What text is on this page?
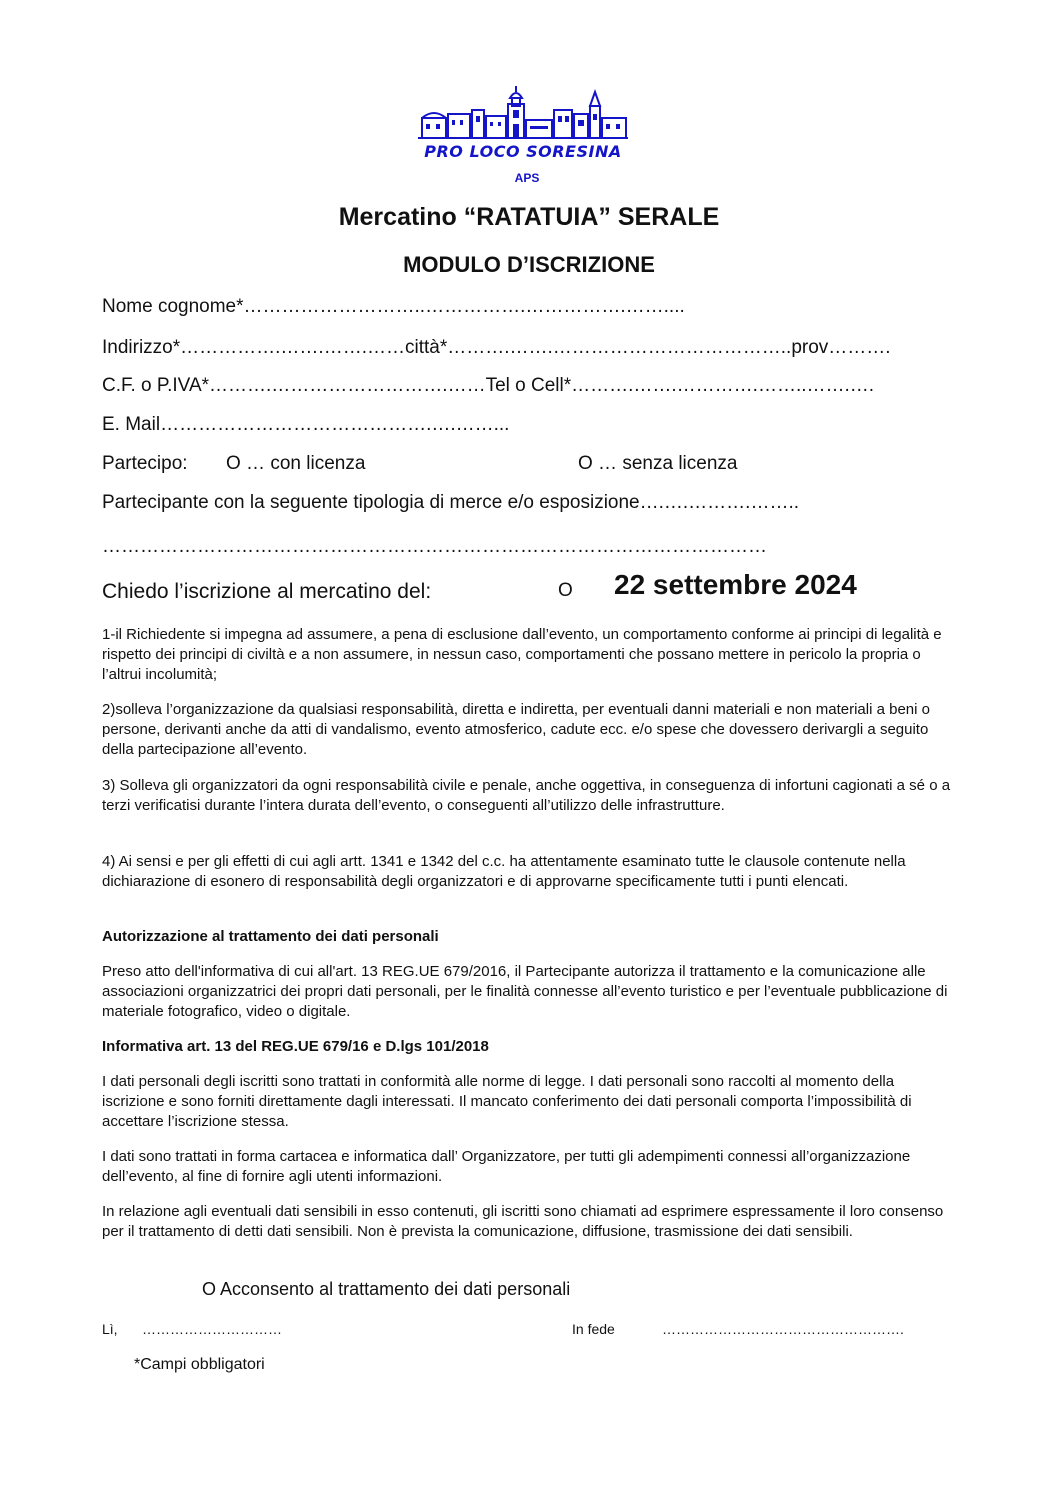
PRO LOCO SORESINA
APS
Mercatino “RATATUIA” SERALE
MODULO D’ISCRIZIONE
Nome cognome*………………………..…………….…………….……....
Indirizzo*…………….…….…….……città*……….…….………………………………..prov……….
C.F. o P.IVA*……….……………………….……Tel o Cell*……….…….………….……..…….….
E. Mail…………………………………….….……...
Partecipo: O … con licenza	O … senza licenza
Partecipante con la seguente tipologia di merce e/o esposizione….….……….……..
……………………………………………………………………………………………
Chiedo l’iscrizione al mercatino del:	O 22 settembre 2024
1-il Richiedente si impegna ad assumere, a pena di esclusione dall’evento, un comportamento conforme ai principi di legalità e rispetto dei principi di civiltà e a non assumere, in nessun caso, comportamenti che possano mettere in pericolo la propria o l’altrui incolumità;
2)solleva l’organizzazione da qualsiasi responsabilità, diretta e indiretta, per eventuali danni materiali e non materiali a beni o persone, derivanti anche da atti di vandalismo, evento atmosferico, cadute ecc. e/o spese che dovessero derivargli a seguito della partecipazione all’evento.
3) Solleva gli organizzatori da ogni responsabilità civile e penale, anche oggettiva, in conseguenza di infortuni cagionati a sé o a terzi verificatisi durante l’intera durata dell’evento, o conseguenti all’utilizzo delle infrastrutture.
4) Ai sensi e per gli effetti di cui agli artt. 1341 e 1342 del c.c. ha attentamente esaminato tutte le clausole contenute nella dichiarazione di esonero di responsabilità degli organizzatori e di approvarne specificamente tutti i punti elencati.
Autorizzazione al trattamento dei dati personali
Preso atto dell'informativa di cui all'art. 13 REG.UE 679/2016, il Partecipante autorizza il trattamento e la comunicazione alle associazioni organizzatrici dei propri dati personali, per le finalità connesse all’evento turistico e per l’eventuale pubblicazione di materiale fotografico, video o digitale.
Informativa art. 13 del REG.UE 679/16 e D.lgs 101/2018
I dati personali degli iscritti sono trattati in conformità alle norme di legge. I dati personali sono raccolti al momento della iscrizione e sono forniti direttamente dagli interessati. Il mancato conferimento dei dati personali comporta l’impossibilità di accettare l’iscrizione stessa.
I dati sono trattati in forma cartacea e informatica dall’ Organizzatore, per tutti gli adempimenti connessi all’organizzazione dell’evento, al fine di fornire agli utenti informazioni.
In relazione agli eventuali dati sensibili in esso contenuti, gli iscritti sono chiamati ad esprimere espressamente il loro consenso per il trattamento di detti dati sensibili. Non è prevista la comunicazione, diffusione, trasmissione dei dati sensibili.
O Acconsento al trattamento dei dati personali
Lì, …………………………	In fede	…………………………………………….
*Campi obbligatori
